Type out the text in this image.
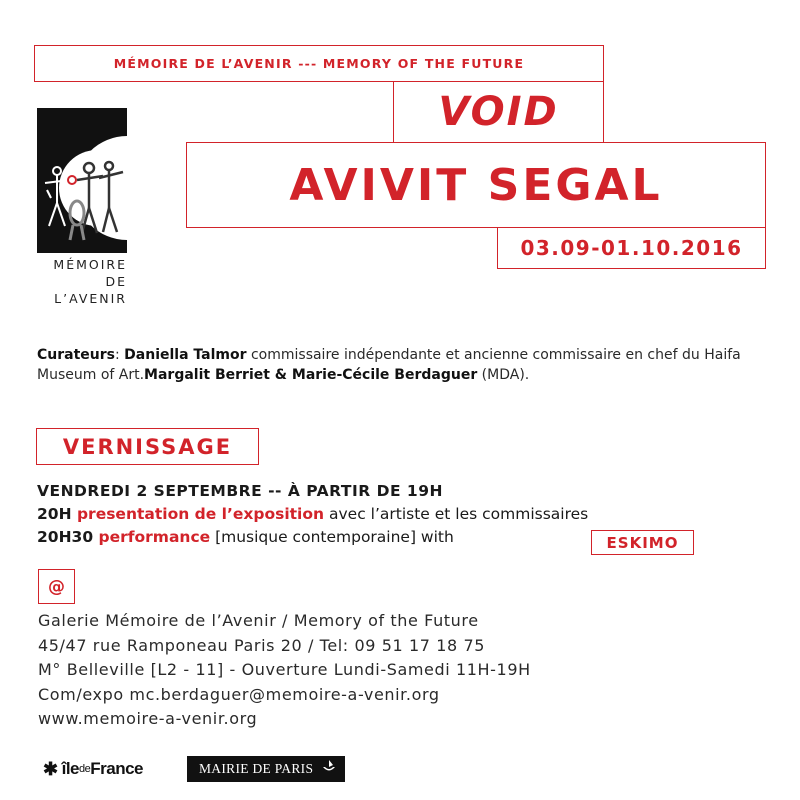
MÉMOIRE DE L’AVENIR --- MEMORY OF THE FUTURE
VOID
AVIVIT SEGAL
03.09-01.10.2016
MÉMOIRE
DE
L’AVENIR
Curateurs: Daniella Talmor commissaire indépendante et ancienne commissaire en chef du Haifa Museum of Art.Margalit Berriet & Marie-Cécile Berdaguer (MDA).
VERNISSAGE
VENDREDI 2 SEPTEMBRE -- À PARTIR DE 19H
20H presentation de l’exposition avec l’artiste et les commissaires
20H30 performance [musique contemporaine] with	ESKIMO
@
Galerie Mémoire de l’Avenir / Memory of the Future
45/47 rue Ramponeau Paris 20 / Tel: 09 51 17 18 75
M° Belleville [L2 - 11] - Ouverture Lundi-Samedi 11H-19H
Com/expo mc.berdaguer@memoire-a-venir.org
www.memoire-a-venir.org
✱ île de France	MAIRIE DE PARIS
